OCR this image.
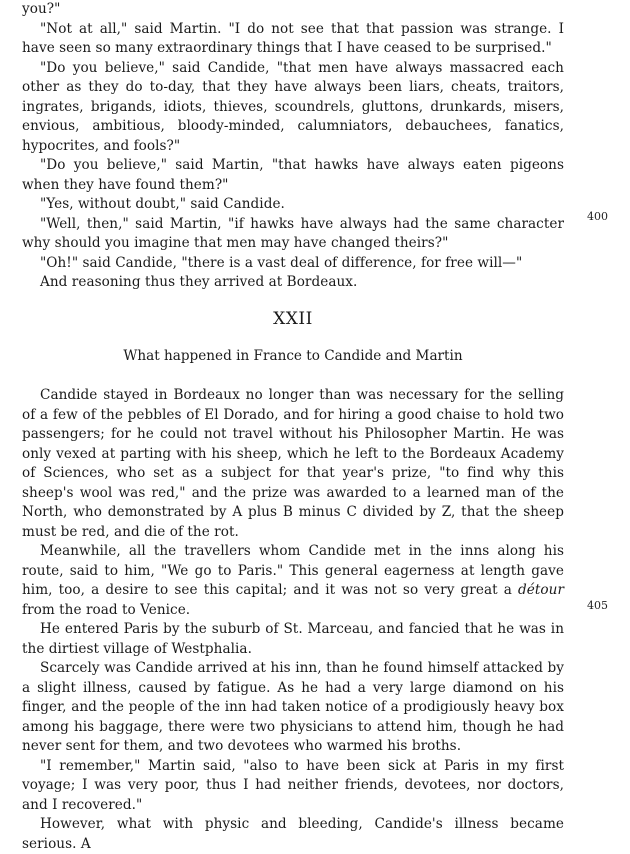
you?"

"Not at all," said Martin. "I do not see that that passion was strange. I have seen so many extraordinary things that I have ceased to be surprised."

"Do you believe," said Candide, "that men have always massacred each other as they do to-day, that they have always been liars, cheats, traitors, ingrates, brigands, idiots, thieves, scoundrels, gluttons, drunkards, misers, envious, ambitious, bloody-minded, calumniators, debauchees, fanatics, hypocrites, and fools?"

"Do you believe," said Martin, "that hawks have always eaten pigeons when they have found them?"

"Yes, without doubt," said Candide.

"Well, then," said Martin, "if hawks have always had the same character why should you imagine that men may have changed theirs?"

"Oh!" said Candide, "there is a vast deal of difference, for free will—"

And reasoning thus they arrived at Bordeaux.

XXII
What happened in France to Candide and Martin

Candide stayed in Bordeaux no longer than was necessary for the selling of a few of the pebbles of El Dorado, and for hiring a good chaise to hold two passengers; for he could not travel without his Philosopher Martin. He was only vexed at parting with his sheep, which he left to the Bordeaux Academy of Sciences, who set as a subject for that year's prize, "to find why this sheep's wool was red," and the prize was awarded to a learned man of the North, who demonstrated by A plus B minus C divided by Z, that the sheep must be red, and die of the rot.

Meanwhile, all the travellers whom Candide met in the inns along his route, said to him, "We go to Paris." This general eagerness at length gave him, too, a desire to see this capital; and it was not so very great a détour from the road to Venice.

He entered Paris by the suburb of St. Marceau, and fancied that he was in the dirtiest village of Westphalia.

Scarcely was Candide arrived at his inn, than he found himself attacked by a slight illness, caused by fatigue. As he had a very large diamond on his finger, and the people of the inn had taken notice of a prodigiously heavy box among his baggage, there were two physicians to attend him, though he had never sent for them, and two devotees who warmed his broths.

"I remember," Martin said, "also to have been sick at Paris in my first voyage; I was very poor, thus I had neither friends, devotees, nor doctors, and I recovered."

However, what with physic and bleeding, Candide's illness became serious. A

400
405
